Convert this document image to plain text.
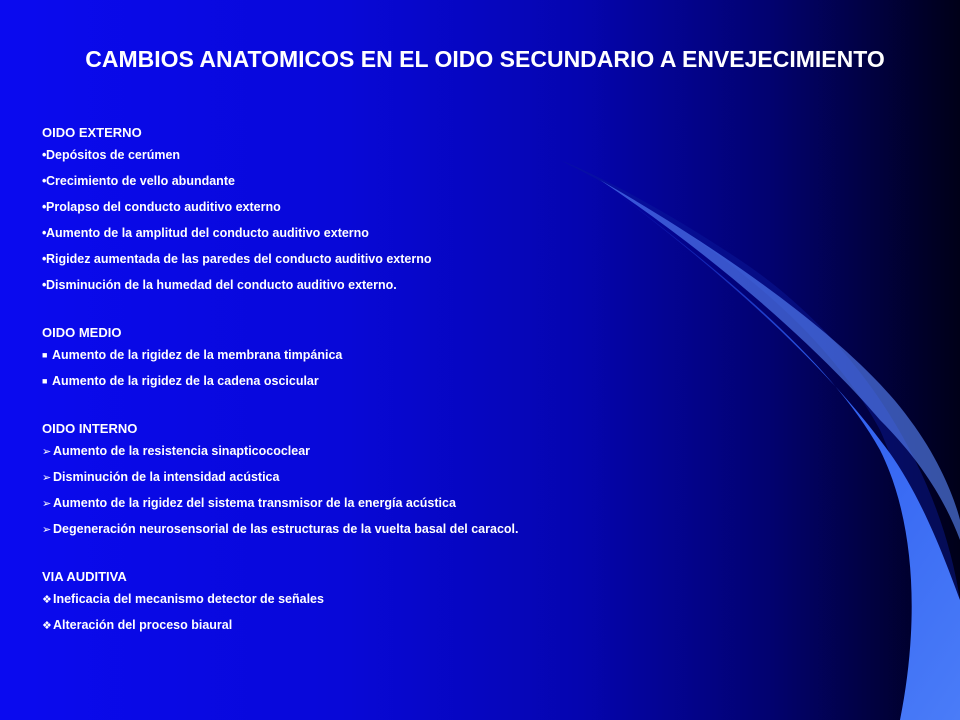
CAMBIOS ANATOMICOS EN EL OIDO SECUNDARIO A ENVEJECIMIENTO

OIDO EXTERNO

•Depósitos de cerúmen

•Crecimiento de vello abundante

•Prolapso del conducto auditivo externo

•Aumento de la amplitud del conducto auditivo externo

•Rigidez aumentada de las paredes del conducto auditivo externo

•Disminución de la humedad del conducto auditivo externo.

OIDO MEDIO

■ Aumento de la rigidez de la membrana timpánica

■ Aumento de la rigidez de la cadena oscicular

OIDO INTERNO

➢ Aumento de la resistencia sinapticococlear

➢ Disminución de la intensidad acústica

➢ Aumento de la rigidez del sistema transmisor de la energía acústica

➢ Degeneración neurosensorial de las estructuras de la vuelta basal del caracol.

VIA AUDITIVA

❖Ineficacia del mecanismo detector de señales

❖Alteración del proceso biaural
